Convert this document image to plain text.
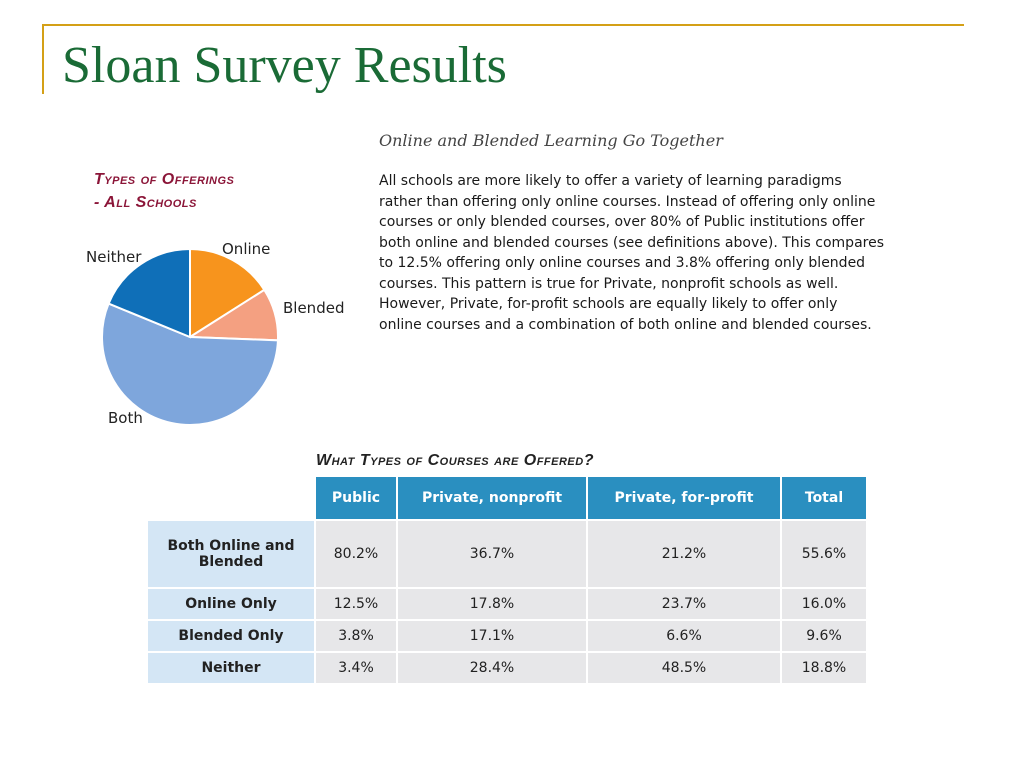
Sloan Survey Results
Types of Offerings
- All Schools
Online
Blended
Both
Neither
Online and Blended Learning Go Together
All schools are more likely to offer a variety of learning paradigms rather than offering only online courses. Instead of offering only online courses or only blended courses, over 80% of Public institutions offer both online and blended courses (see definitions above). This compares to 12.5% offering only online courses and 3.8% offering only blended courses. This pattern is true for Private, nonprofit schools as well. However, Private, for-profit schools are equally likely to offer only online courses and a combination of both online and blended courses.
What Types of Courses are Offered?
	Public	Private, nonprofit	Private, for-profit	Total
Both Online and Blended	80.2%	36.7%	21.2%	55.6%
Online Only	12.5%	17.8%	23.7%	16.0%
Blended Only	3.8%	17.1%	6.6%	9.6%
Neither	3.4%	28.4%	48.5%	18.8%
